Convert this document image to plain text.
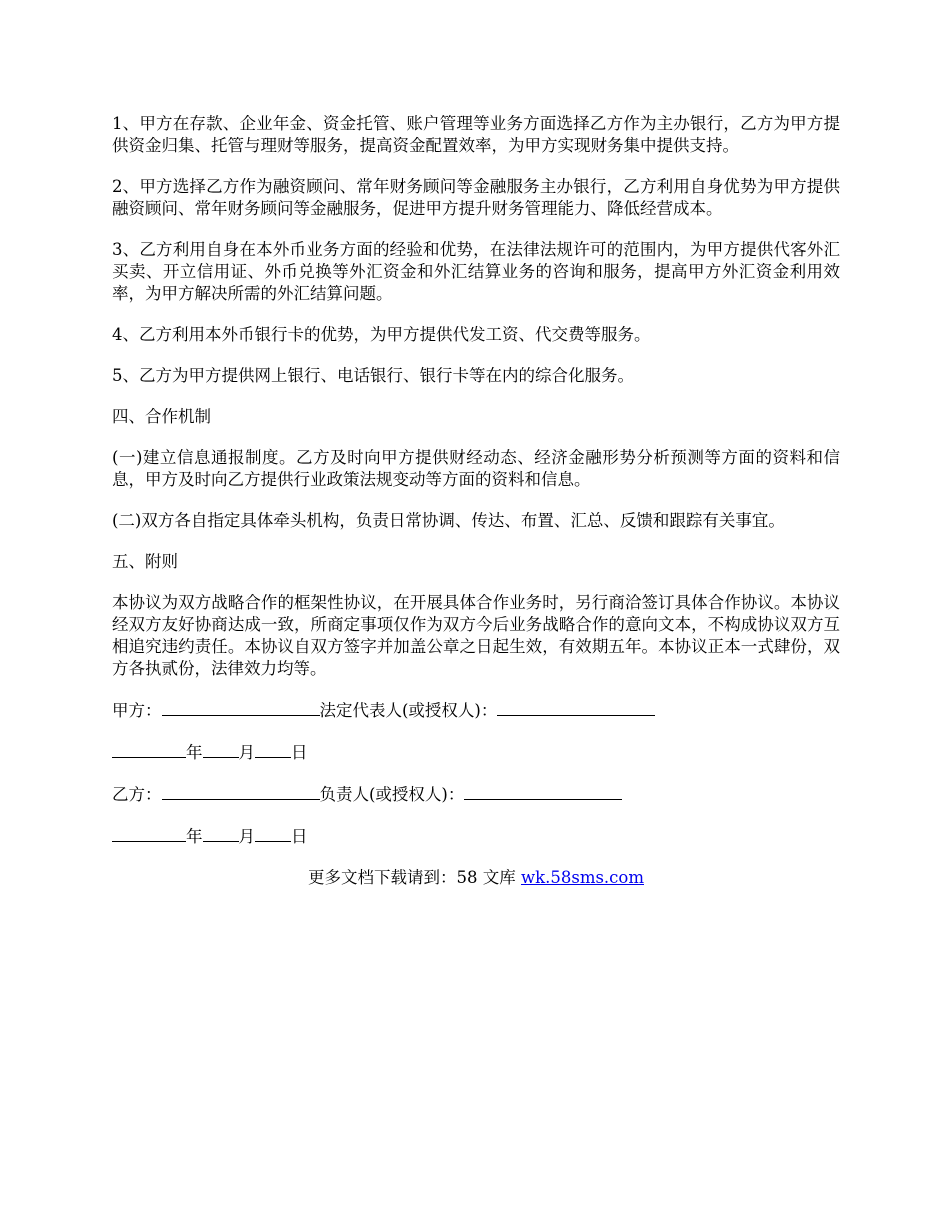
1、甲方在存款、企业年金、资金托管、账户管理等业务方面选择乙方作为主办银行，乙方为甲方提供资金归集、托管与理财等服务，提高资金配置效率，为甲方实现财务集中提供支持。

2、甲方选择乙方作为融资顾问、常年财务顾问等金融服务主办银行，乙方利用自身优势为甲方提供融资顾问、常年财务顾问等金融服务，促进甲方提升财务管理能力、降低经营成本。

3、乙方利用自身在本外币业务方面的经验和优势，在法律法规许可的范围内，为甲方提供代客外汇买卖、开立信用证、外币兑换等外汇资金和外汇结算业务的咨询和服务，提高甲方外汇资金利用效率，为甲方解决所需的外汇结算问题。

4、乙方利用本外币银行卡的优势，为甲方提供代发工资、代交费等服务。

5、乙方为甲方提供网上银行、电话银行、银行卡等在内的综合化服务。

四、合作机制

(一)建立信息通报制度。乙方及时向甲方提供财经动态、经济金融形势分析预测等方面的资料和信息，甲方及时向乙方提供行业政策法规变动等方面的资料和信息。

(二)双方各自指定具体牵头机构，负责日常协调、传达、布置、汇总、反馈和跟踪有关事宜。

五、附则

本协议为双方战略合作的框架性协议，在开展具体合作业务时，另行商洽签订具体合作协议。本协议经双方友好协商达成一致，所商定事项仅作为双方今后业务战略合作的意向文本，不构成协议双方互相追究违约责任。本协议自双方签字并加盖公章之日起生效，有效期五年。本协议正本一式肆份，双方各执贰份，法律效力均等。

甲方：	法定代表人(或授权人)：
年 月 日
乙方：	负责人(或授权人)：
年 月 日
更多文档下载请到：58 文库 wk.58sms.com
